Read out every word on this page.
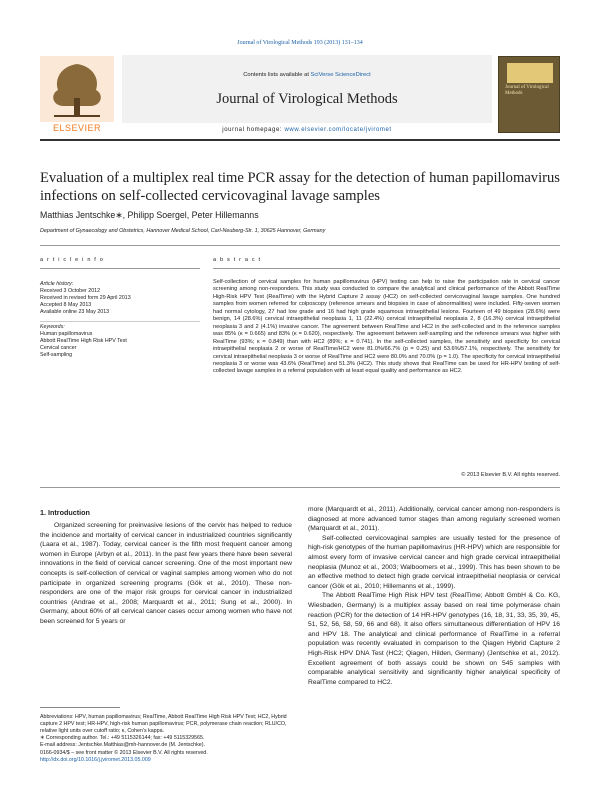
Journal of Virological Methods 193 (2013) 131–134
ELSEVIER
Contents lists available at SciVerse ScienceDirect
Journal of Virological Methods
Journal of Virological Methods
journal homepage: www.elsevier.com/locate/jviromet
Evaluation of a multiplex real time PCR assay for the detection of human papillomavirus infections on self-collected cervicovaginal lavage samples
Matthias Jentschke∗, Philipp Soergel, Peter Hillemanns
Department of Gynaecology and Obstetrics, Hannover Medical School, Carl-Neuberg-Str. 1, 30625 Hannover, Germany
a r t i c l e i n f o	a b s t r a c t
Article history:
Received 3 October 2012
Received in revised form 29 April 2013
Accepted 8 May 2013
Available online 23 May 2013
Keywords:
Human papillomavirus
Abbott RealTime High Risk HPV Test
Cervical cancer
Self-sampling
Self-collection of cervical samples for human papillomavirus (HPV) testing can help to raise the participation rate in cervical cancer screening among non-responders. This study was conducted to compare the analytical and clinical performance of the Abbott RealTime High-Risk HPV Test (RealTime) with the Hybrid Capture 2 assay (HC2) on self-collected cervicovaginal lavage samples. One hundred samples from women referred for colposcopy (reference smears and biopsies in case of abnormalities) were included. Fifty-seven women had normal cytology, 27 had low grade and 16 had high grade squamous intraepithelial lesions. Fourteen of 49 biopsies (28.6%) were benign, 14 (28.6%) cervical intraepithelial neoplasia 1, 11 (22.4%) cervical intraepithelial neoplasia 2, 8 (16.3%) cervical intraepithelial neoplasia 3 and 2 (4.1%) invasive cancer. The agreement between RealTime and HC2 in the self-collected and in the reference samples was 85% (κ = 0.665) and 83% (κ = 0.620), respectively. The agreement between self-sampling and the reference smears was higher with RealTime (93%; κ = 0.849) than with HC2 (89%; κ = 0.741). In the self-collected samples, the sensitivity and specificity for cervical intraepithelial neoplasia 2 or worse of RealTime/HC2 were 81.0%/66.7% (p = 0.25) and 53.6%/57.1%, respectively. The sensitivity for cervical intraepithelial neoplasia 3 or worse of RealTime and HC2 were 80.0% and 70.0% (p = 1.0). The specificity for cervical intraepithelial neoplasia 3 or worse was 43.6% (RealTime) and 51.3% (HC2). This study shows that RealTime can be used for HR-HPV testing of self-collected lavage samples in a referral population with at least equal quality and performance as HC2.
© 2013 Elsevier B.V. All rights reserved.
1. Introduction

Organized screening for preinvasive lesions of the cervix has helped to reduce the incidence and mortality of cervical cancer in industrialized countries significantly (Laara et al., 1987). Today, cervical cancer is the fifth most frequent cancer among women in Europe (Arbyn et al., 2011). In the past few years there have been several innovations in the field of cervical cancer screening. One of the most important new concepts is self-collection of cervical or vaginal samples among women who do not participate in organized screening programs (Gök et al., 2010). These non-responders are one of the major risk groups for cervical cancer in industrialized countries (Andrae et al., 2008; Marquardt et al., 2011; Sung et al., 2000). In Germany, about 60% of all cervical cancer cases occur among women who have not been screened for 5 years or

more (Marquardt et al., 2011). Additionally, cervical cancer among non-responders is diagnosed at more advanced tumor stages than among regularly screened women (Marquardt et al., 2011).

Self-collected cervicovaginal samples are usually tested for the presence of high-risk genotypes of the human papillomavirus (HR-HPV) which are responsible for almost every form of invasive cervical cancer and high grade cervical intraepithelial neoplasia (Munoz et al., 2003; Walboomers et al., 1999). This has been shown to be an effective method to detect high grade cervical intraepithelial neoplasia or cervical cancer (Gök et al., 2010; Hillemanns et al., 1999).

The Abbott RealTime High Risk HPV test (RealTime; Abbott GmbH & Co. KG, Wiesbaden, Germany) is a multiplex assay based on real time polymerase chain reaction (PCR) for the detection of 14 HR-HPV genotypes (16, 18, 31, 33, 35, 39, 45, 51, 52, 56, 58, 59, 66 and 68). It also offers simultaneous differentiation of HPV 16 and HPV 18. The analytical and clinical performance of RealTime in a referral population was recently evaluated in comparison to the Qiagen Hybrid Capture 2 High-Risk HPV DNA Test (HC2; Qiagen, Hilden, Germany) (Jentschke et al., 2012). Excellent agreement of both assays could be shown on 545 samples with comparable analytical sensitivity and significantly higher analytical specificity of RealTime compared to HC2.

Abbreviations: HPV, human papillomavirus; RealTime, Abbott RealTime High Risk HPV Test; HC2, Hybrid capture 2 HPV test; HR-HPV, high-risk human papillomavirus; PCR, polymerase chain reaction; RLU/CO, relative light units over cutoff ratio; κ, Cohen's kappa.
∗ Corresponding author. Tel.: +49 5115326144; fax: +49 5115329565.
E-mail address: Jentschke.Matthias@mh-hannover.de (M. Jentschke).
0166-0934/$ – see front matter © 2013 Elsevier B.V. All rights reserved.
http://dx.doi.org/10.1016/j.jviromet.2013.05.009
